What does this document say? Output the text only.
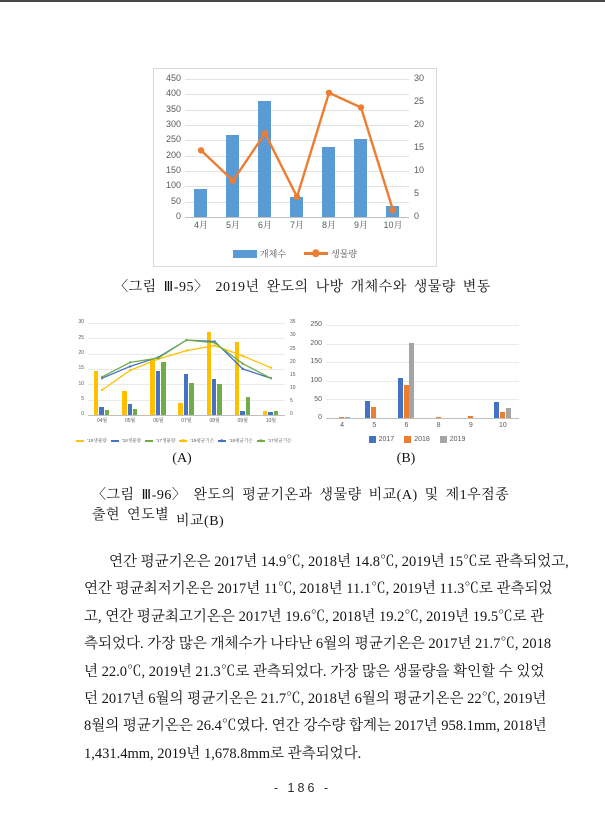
0
50
100
150
200
250
300
350
400
450
0
5
10
15
20
25
30
4月	5月	6月	7月	8月	9月	10月
개체수	생물량
〈그림 Ⅲ-95〉 2019년 완도의 나방 개체수와 생물량 변동
0
5
10
15
20
25
30
0
5
10
15
20
25
30
35
04월	05월	06월	07월	08월	09월	10월
'19생물량	'18생물량	'17생물량	'19평균기온	'18평균기온	'17평균기온
0
50
100
150
200
250
4	5	6	8	9	10
2017	2018	2019
(A)	(B)
〈그림 Ⅲ-96〉 완도의 평균기온과 생물량 비교(A) 및 제1우점종 출현 연도별 비교(B)
연간 평균기온은 2017년 14.9℃, 2018년 14.8℃, 2019년 15℃로 관측되었고,
연간 평균최저기온은 2017년 11℃, 2018년 11.1℃, 2019년 11.3℃로 관측되었
고, 연간 평균최고기온은 2017년 19.6℃, 2018년 19.2℃, 2019년 19.5℃로 관
측되었다. 가장 많은 개체수가 나타난 6월의 평균기온은 2017년 21.7℃, 2018
년 22.0℃, 2019년 21.3℃로 관측되었다. 가장 많은 생물량을 확인할 수 있었
던 2017년 6월의 평균기온은 21.7℃, 2018년 6월의 평균기온은 22℃, 2019년
8월의 평균기온은 26.4℃였다. 연간 강수량 합계는 2017년 958.1mm, 2018년
1,431.4mm, 2019년 1,678.8mm로 관측되었다.
- 186 -
